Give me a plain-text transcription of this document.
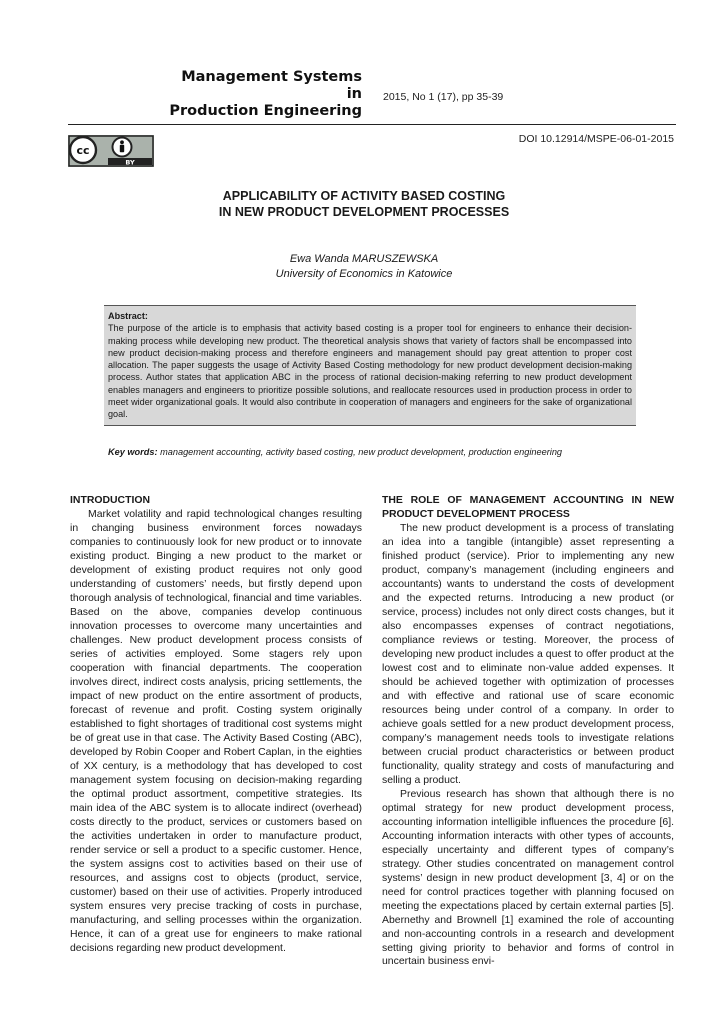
Management Systems
in
Production Engineering
2015, No 1 (17), pp 35-39
DOI 10.12914/MSPE-06-01-2015
cc
BY
APPLICABILITY OF ACTIVITY BASED COSTING
IN NEW PRODUCT DEVELOPMENT PROCESSES
Ewa Wanda MARUSZEWSKA
University of Economics in Katowice
Abstract:
The purpose of the article is to emphasis that activity based costing is a proper tool for engineers to enhance their decision-making process while developing new product. The theoretical analysis shows that variety of factors shall be encompassed into new product decision-making process and therefore engineers and management should pay great attention to proper cost allocation. The paper suggests the usage of Activity Based Costing methodology for new product development decision-making process. Author states that application ABC in the process of rational decision-making referring to new product development enables managers and engineers to prioritize possible solutions, and reallocate resources used in production process in order to meet wider organizational goals. It would also contribute in cooperation of managers and engineers for the sake of organizational goal.
Key words: management accounting, activity based costing, new product development, production engineering

INTRODUCTION

Market volatility and rapid technological changes resulting in changing business environment forces nowadays companies to continuously look for new product or to innovate existing product. Binging a new product to the market or development of existing product requires not only good understanding of customers’ needs, but firstly depend upon thorough analysis of technological, financial and time variables. Based on the above, companies develop continuous innovation processes to overcome many uncertainties and challenges. New product development process consists of series of activities employed. Some stagers rely upon cooperation with financial departments. The cooperation involves direct, indirect costs analysis, pricing settlements, the impact of new product on the entire assortment of products, forecast of revenue and profit. Costing system originally established to fight shortages of traditional cost systems might be of great use in that case. The Activity Based Costing (ABC), developed by Robin Cooper and Robert Caplan, in the eighties of XX century, is a methodology that has developed to cost management system focusing on decision-making regarding the optimal product assortment, competitive strategies. Its main idea of the ABC system is to allocate indirect (overhead) costs directly to the product, services or customers based on the activities undertaken in order to manufacture product, render service or sell a product to a specific customer. Hence, the system assigns cost to activities based on their use of resources, and assigns cost to objects (product, service, customer) based on their use of activities. Properly introduced system ensures very precise tracking of costs in purchase, manufacturing, and selling processes within the organization. Hence, it can of a great use for engineers to make rational decisions regarding new product development.

THE ROLE OF MANAGEMENT ACCOUNTING IN NEW PRODUCT DEVELOPMENT PROCESS

The new product development is a process of translating an idea into a tangible (intangible) asset representing a finished product (service). Prior to implementing any new product, company’s management (including engineers and accountants) wants to understand the costs of development and the expected returns. Introducing a new product (or service, process) includes not only direct costs changes, but it also encompasses expenses of contract negotiations, compliance reviews or testing. Moreover, the process of developing new product includes a quest to offer product at the lowest cost and to eliminate non-value added expenses. It should be achieved together with optimization of processes and with effective and rational use of scare economic resources being under control of a company. In order to achieve goals settled for a new product development process, company’s management needs tools to investigate relations between crucial product characteristics or between product functionality, quality strategy and costs of manufacturing and selling a product.

Previous research has shown that although there is no optimal strategy for new product development process, accounting information intelligible influences the procedure [6]. Accounting information interacts with other types of accounts, especially uncertainty and different types of company’s strategy. Other studies concentrated on management control systems’ design in new product development [3, 4] or on the need for control practices together with planning focused on meeting the expectations placed by certain external parties [5]. Abernethy and Brownell [1] examined the role of accounting and non-accounting controls in a research and development setting giving priority to behavior and forms of control in uncertain business envi-
